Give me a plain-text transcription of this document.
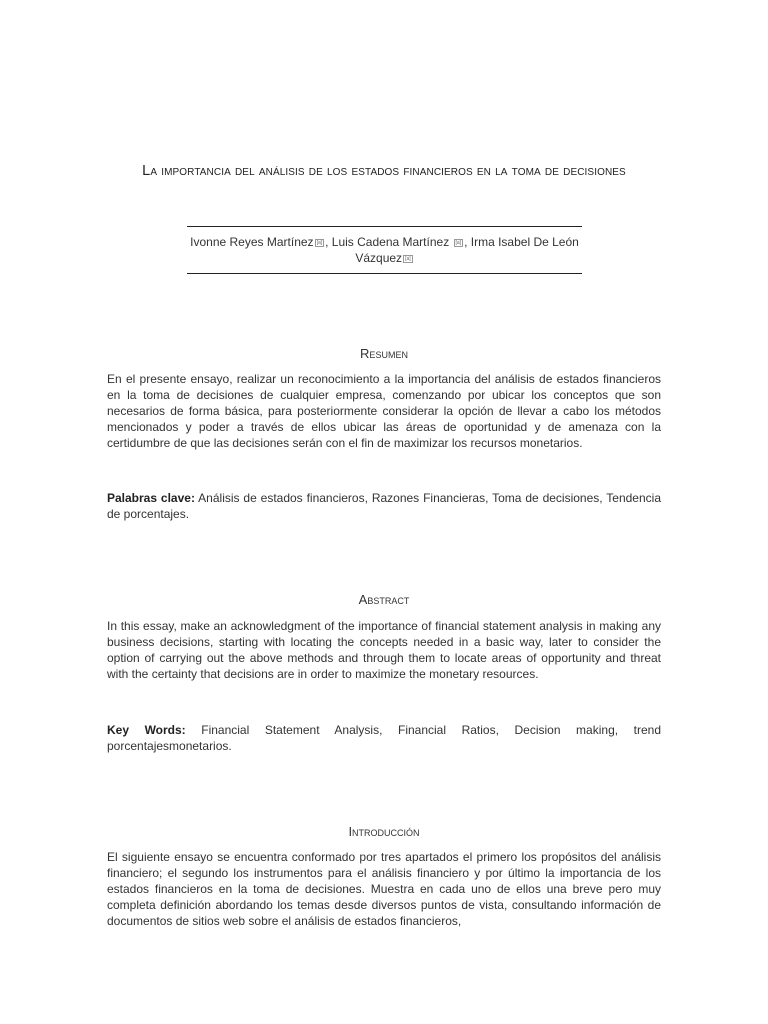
La importancia del análisis de los estados financieros en la toma de decisiones
Ivonne Reyes Martínez [a] , Luis Cadena Martínez [a] , Irma Isabel De León Vázquez [a]
Resumen
En el presente ensayo, realizar un reconocimiento a la importancia del análisis de estados financieros en la toma de decisiones de cualquier empresa, comenzando por ubicar los conceptos que son necesarios de forma básica, para posteriormente considerar la opción de llevar a cabo los métodos mencionados y poder a través de ellos ubicar las áreas de oportunidad y de amenaza con la certidumbre de que las decisiones serán con el fin de maximizar los recursos monetarios.
Palabras clave: Análisis de estados financieros, Razones Financieras, Toma de decisiones, Tendencia de porcentajes.
Abstract
In this essay, make an acknowledgment of the importance of financial statement analysis in making any business decisions, starting with locating the concepts needed in a basic way, later to consider the option of carrying out the above methods and through them to locate areas of opportunity and threat with the certainty that decisions are in order to maximize the monetary resources.
Key Words: Financial Statement Analysis, Financial Ratios, Decision making, trend porcentajesmonetarios.
Introducción
El siguiente ensayo se encuentra conformado por tres apartados el primero los propósitos del análisis financiero; el segundo los instrumentos para el análisis financiero y por último la importancia de los estados financieros en la toma de decisiones. Muestra en cada uno de ellos una breve pero muy completa definición abordando los temas desde diversos puntos de vista, consultando información de documentos de sitios web sobre el análisis de estados financieros,
